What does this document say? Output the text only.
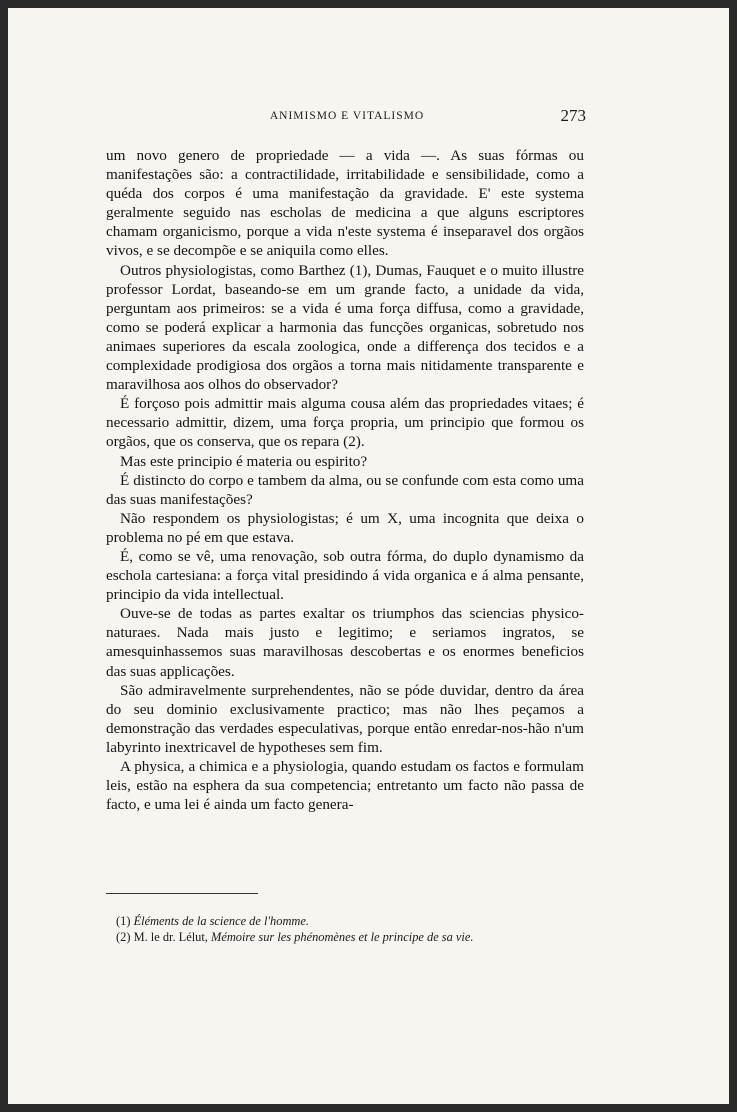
ANIMISMO E VITALISMO	273

um novo genero de propriedade — a vida —. As suas fórmas ou manifestações são: a contractilidade, irritabilidade e sensibilidade, como a quéda dos corpos é uma manifestação da gravidade. E' este systema geralmente seguido nas escholas de medicina a que alguns escriptores chamam organicismo, porque a vida n'este systema é inseparavel dos orgãos vivos, e se decompõe e se aniquila como elles.

Outros physiologistas, como Barthez (1), Dumas, Fauquet e o muito illustre professor Lordat, baseando-se em um grande facto, a unidade da vida, perguntam aos primeiros: se a vida é uma força diffusa, como a gravidade, como se poderá explicar a harmonia das funcções organicas, sobretudo nos animaes superiores da escala zoologica, onde a differença dos tecidos e a complexidade prodigiosa dos orgãos a torna mais nitidamente transparente e maravilhosa aos olhos do observador?

É forçoso pois admittir mais alguma cousa além das propriedades vitaes; é necessario admittir, dizem, uma força propria, um principio que formou os orgãos, que os conserva, que os repara (2).

Mas este principio é materia ou espirito?

É distincto do corpo e tambem da alma, ou se confunde com esta como uma das suas manifestações?

Não respondem os physiologistas; é um X, uma incognita que deixa o problema no pé em que estava.

É, como se vê, uma renovação, sob outra fórma, do duplo dynamismo da eschola cartesiana: a força vital presidindo á vida organica e á alma pensante, principio da vida intellectual.

Ouve-se de todas as partes exaltar os triumphos das sciencias physico-naturaes. Nada mais justo e legitimo; e seriamos ingratos, se amesquinhassemos suas maravilhosas descobertas e os enormes beneficios das suas applicações.

São admiravelmente surprehendentes, não se póde duvidar, dentro da área do seu dominio exclusivamente practico; mas não lhes peçamos a demonstração das verdades especulativas, porque então enredar-nos-hão n'um labyrinto inextricavel de hypotheses sem fim.

A physica, a chimica e a physiologia, quando estudam os factos e formulam leis, estão na esphera da sua competencia; entretanto um facto não passa de facto, e uma lei é ainda um facto genera-

(1) Éléments de la science de l'homme.

(2) M. le dr. Lélut, Mémoire sur les phénomènes et le principe de sa vie.
